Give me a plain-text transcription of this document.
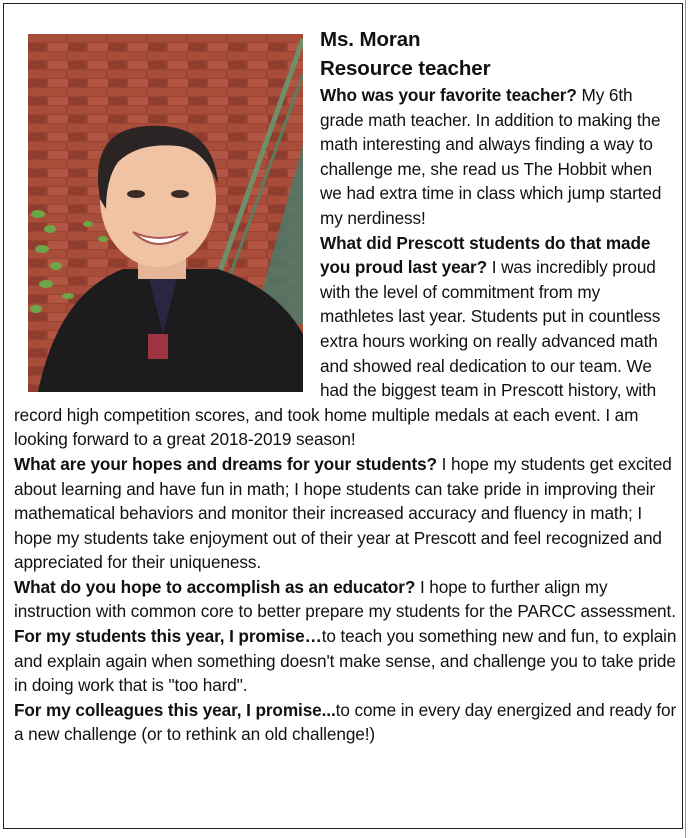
Ms. Moran
Resource teacher

Who was your favorite teacher? My 6th grade math teacher. In addition to making the math interesting and always finding a way to challenge me, she read us The Hobbit when we had extra time in class which jump started my nerdiness!

What did Prescott students do that made you proud last year? I was incredibly proud with the level of commitment from my mathletes last year. Students put in countless extra hours working on really advanced math and showed real dedication to our team. We had the biggest team in Prescott history, with record high competition scores, and took home multiple medals at each event. I am looking forward to a great 2018-2019 season!

What are your hopes and dreams for your students? I hope my students get excited about learning and have fun in math; I hope students can take pride in improving their mathematical behaviors and monitor their increased accuracy and fluency in math; I hope my students take enjoyment out of their year at Prescott and feel recognized and appreciated for their uniqueness.

What do you hope to accomplish as an educator? I hope to further align my instruction with common core to better prepare my students for the PARCC assessment.

For my students this year, I promise…to teach you something new and fun, to explain and explain again when something doesn't make sense, and challenge you to take pride in doing work that is "too hard".

For my colleagues this year, I promise...to come in every day energized and ready for a new challenge (or to rethink an old challenge!)
